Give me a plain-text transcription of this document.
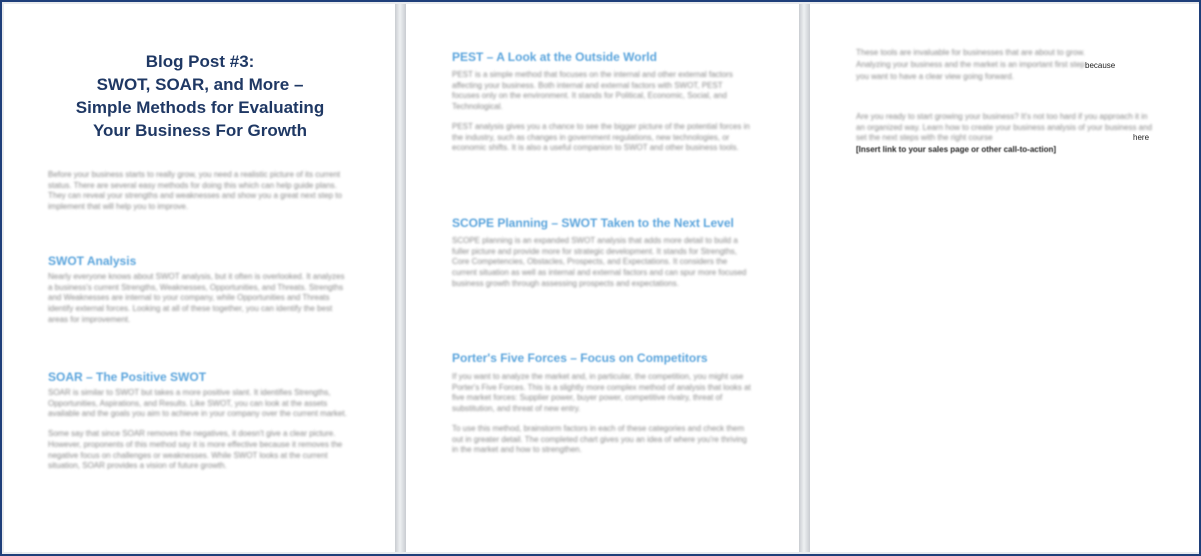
Blog Post #3:
SWOT, SOAR, and More –
Simple Methods for Evaluating
Your Business For Growth

Before your business starts to really grow, you need a realistic picture of its current status. There are several easy methods for doing this which can help guide plans. They can reveal your strengths and weaknesses and show you a great next step to implement that will help you to improve.

SWOT Analysis

Nearly everyone knows about SWOT analysis, but it often is overlooked. It analyzes a business's current Strengths, Weaknesses, Opportunities, and Threats. Strengths and Weaknesses are internal to your company, while Opportunities and Threats identify external forces. Looking at all of these together, you can identify the best areas for improvement.

SOAR – The Positive SWOT

SOAR is similar to SWOT but takes a more positive slant. It identifies Strengths, Opportunities, Aspirations, and Results. Like SWOT, you can look at the assets available and the goals you aim to achieve in your company over the current market.

Some say that since SOAR removes the negatives, it doesn't give a clear picture. However, proponents of this method say it is more effective because it removes the negative focus on challenges or weaknesses. While SWOT looks at the current situation, SOAR provides a vision of future growth.

PEST – A Look at the Outside World

PEST is a simple method that focuses on the internal and other external factors affecting your business. Both internal and external factors with SWOT, PEST focuses only on the environment. It stands for Political, Economic, Social, and Technological.

PEST analysis gives you a chance to see the bigger picture of the potential forces in the industry, such as changes in government regulations, new technologies, or economic shifts. It is also a useful companion to SWOT and other business tools.

SCOPE Planning – SWOT Taken to the Next Level

SCOPE planning is an expanded SWOT analysis that adds more detail to build a fuller picture and provide more for strategic development. It stands for Strengths, Core Competencies, Obstacles, Prospects, and Expectations. It considers the current situation as well as internal and external factors and can spur more focused business growth through assessing prospects and expectations.

Porter's Five Forces – Focus on Competitors

If you want to analyze the market and, in particular, the competition, you might use Porter's Five Forces. This is a slightly more complex method of analysis that looks at five market forces: Supplier power, buyer power, competitive rivalry, threat of substitution, and threat of new entry.

To use this method, brainstorm factors in each of these categories and check them out in greater detail. The completed chart gives you an idea of where you're thriving in the market and how to strengthen.

These tools are invaluable for businesses that are about to grow.
Analyzing your business and the market is an important first step because
you want to have a clear view going forward.

Are you ready to start growing your business? It's not too hard if you approach it in an organized way. Learn how to create your business analysis of your business and set the next steps with the right course	here
[Insert link to your sales page or other call-to-action]
